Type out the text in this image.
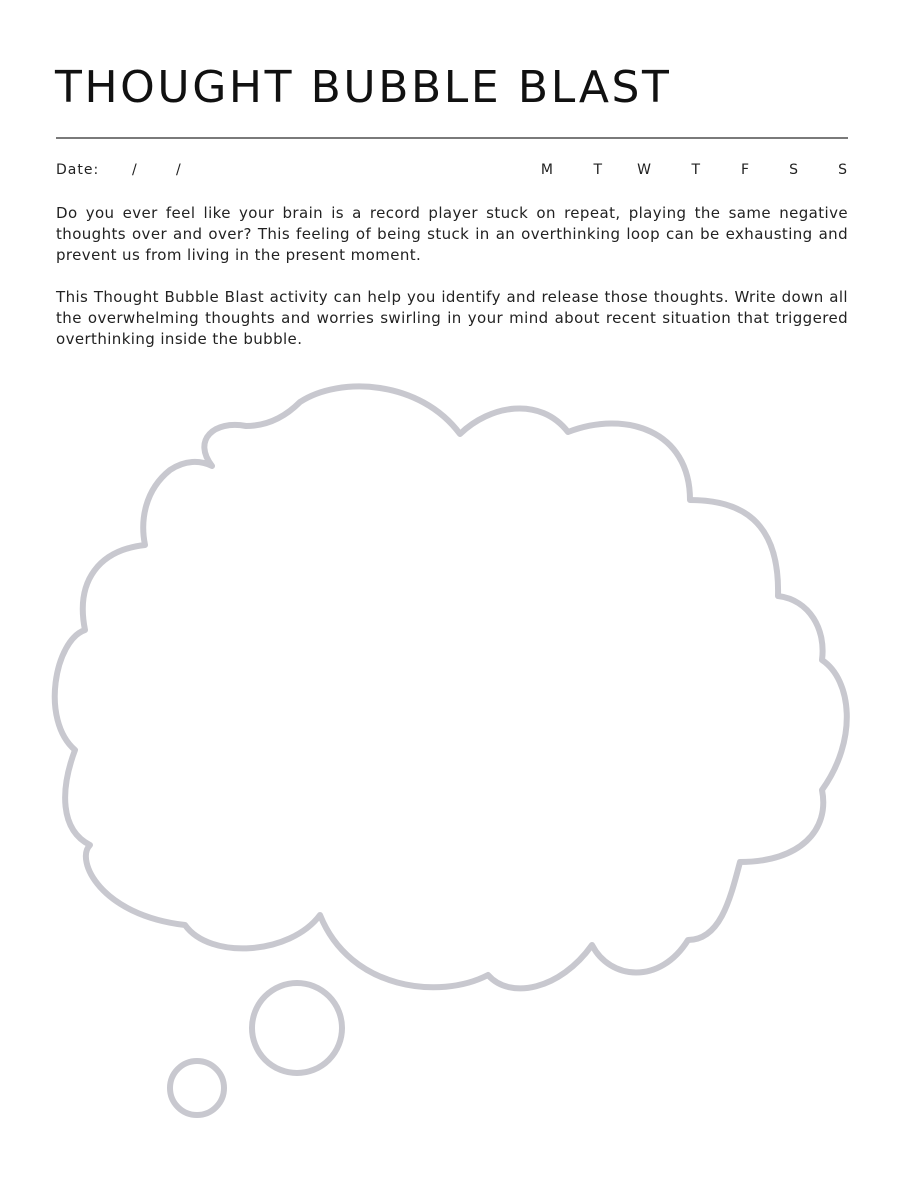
THOUGHT BUBBLE BLAST
Date: /	/	M	T	W	T	F	S	S

Do you ever feel like your brain is a record player stuck on repeat, playing the same negative thoughts over and over? This feeling of being stuck in an overthinking loop can be exhausting and prevent us from living in the present moment.

This Thought Bubble Blast activity can help you identify and release those thoughts. Write down all the overwhelming thoughts and worries swirling in your mind about recent situation that triggered overthinking inside the bubble.
